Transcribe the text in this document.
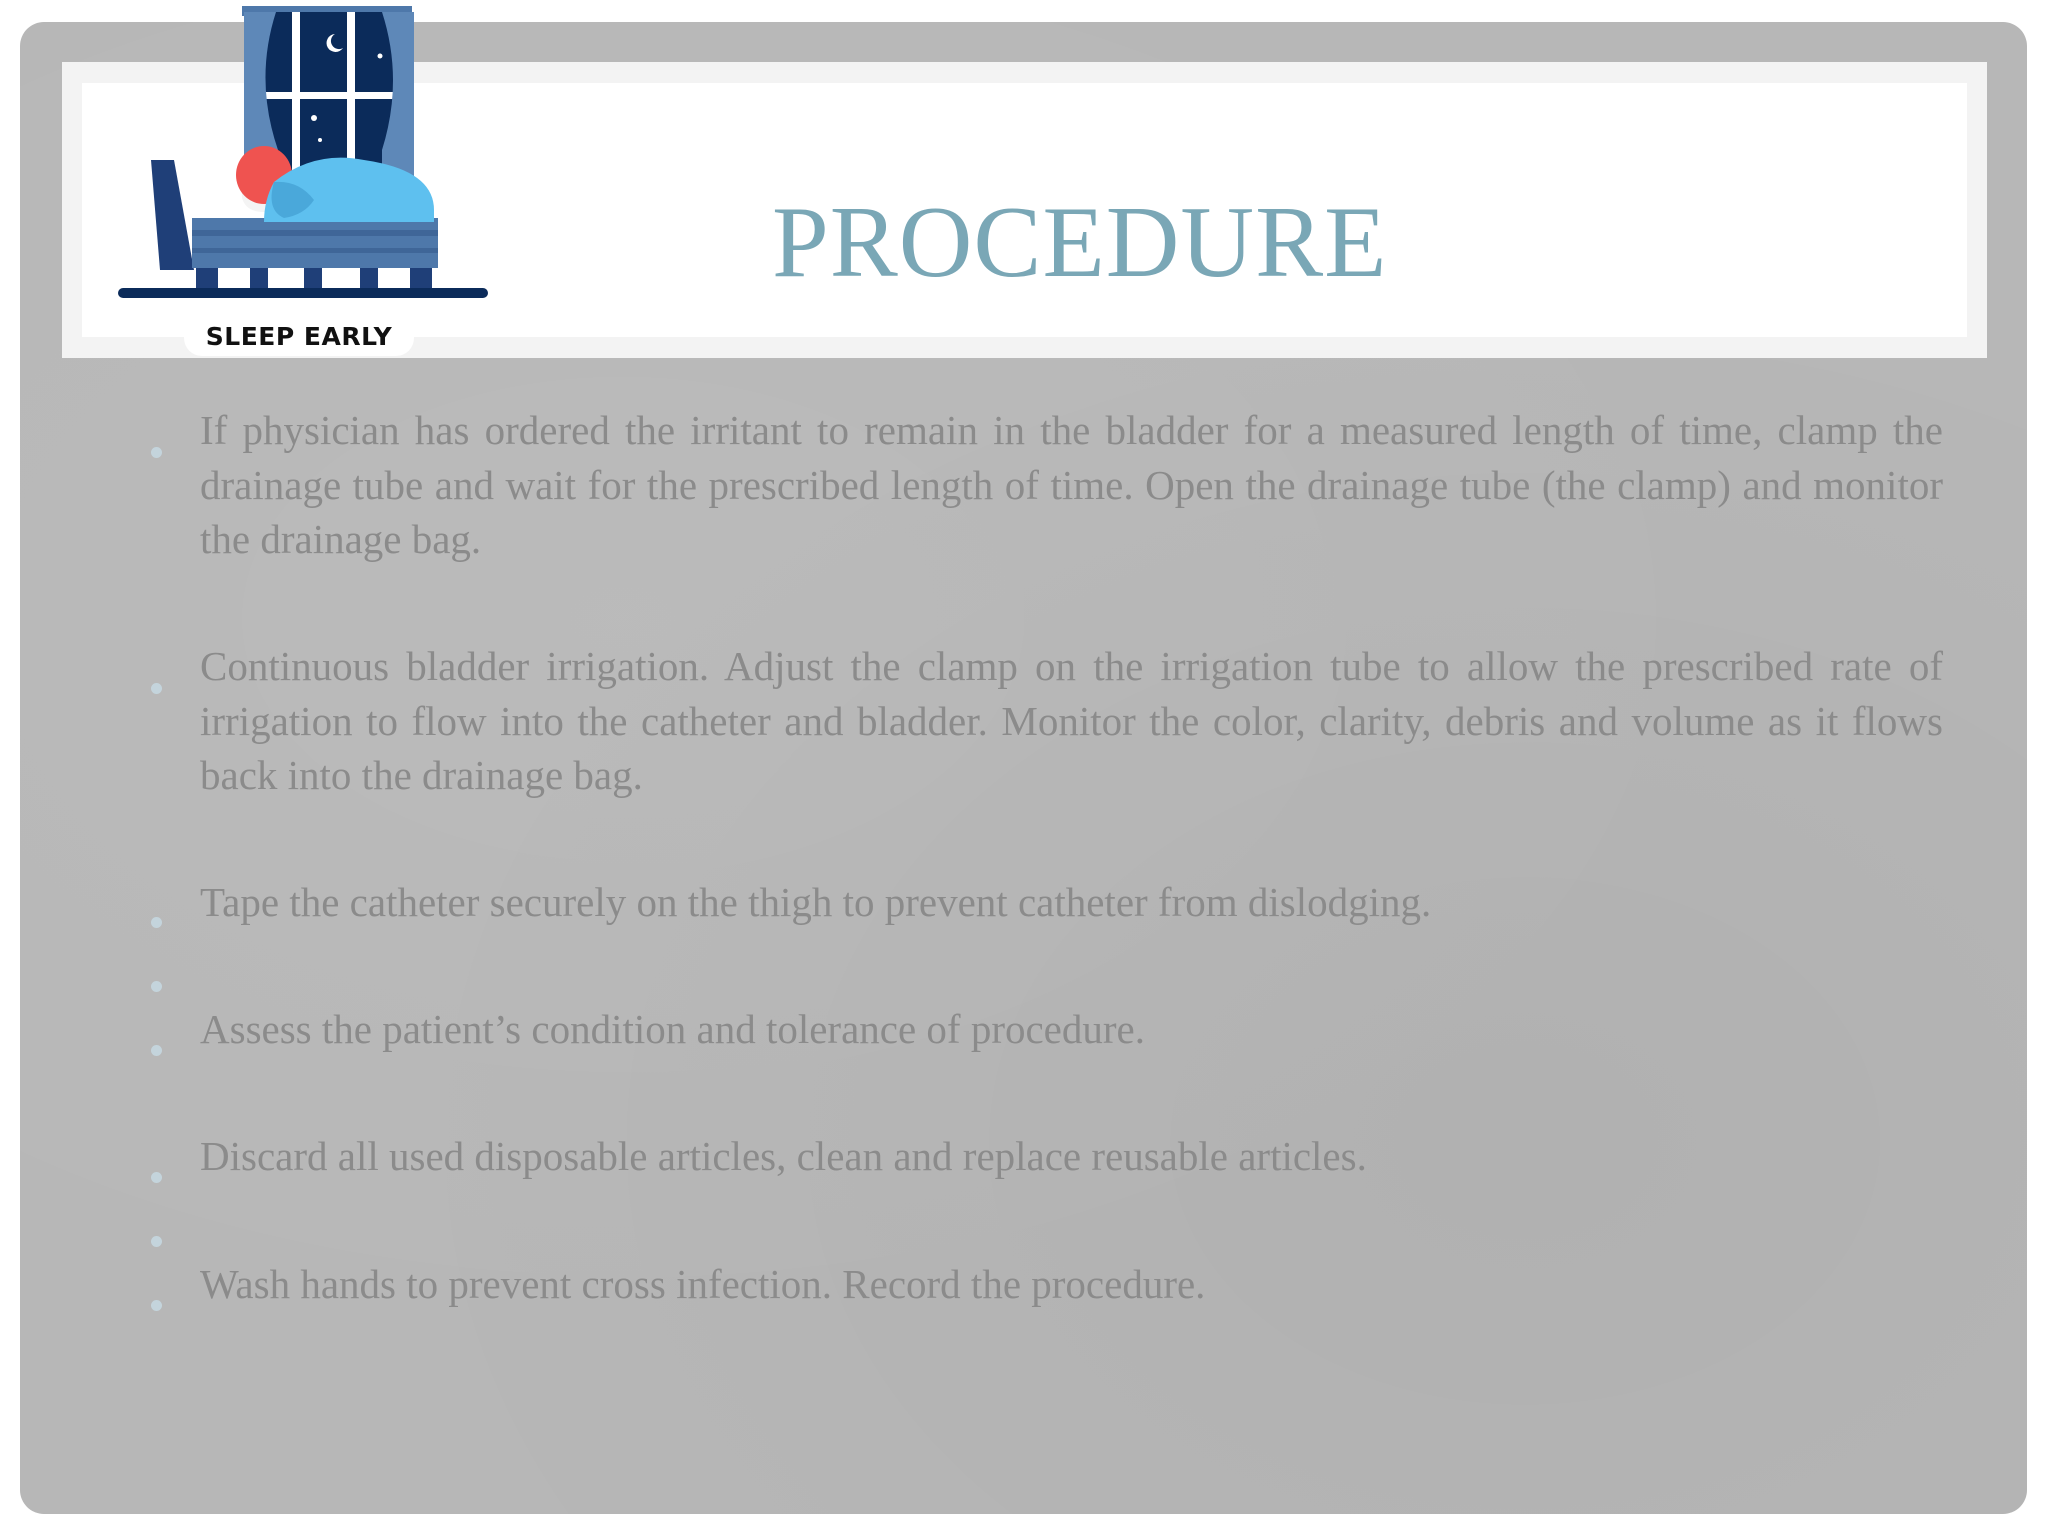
PROCEDURE
If physician has ordered the irritant to remain in the bladder for a measured length of time, clamp the drainage tube and wait for the prescribed length of time. Open the drainage tube (the clamp) and monitor the drainage bag.
Continuous bladder irrigation. Adjust the clamp on the irrigation tube to allow the prescribed rate of irrigation to flow into the catheter and bladder. Monitor the color, clarity, debris and volume as it flows back into the drainage bag.
Tape the catheter securely on the thigh to prevent catheter from dislodging.
Assess the patient’s condition and tolerance of procedure.
Discard all used disposable articles, clean and replace reusable articles.
Wash hands to prevent cross infection. Record the procedure.
SLEEP EARLY
